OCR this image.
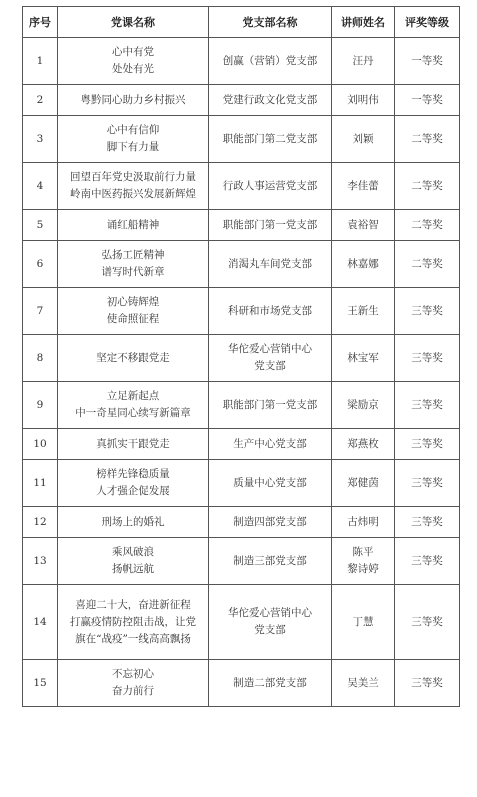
序号	党课名称	党支部名称	讲师姓名	评奖等级
1	心中有党
处处有光	创赢（营销）党支部	汪丹	一等奖
2	粤黔同心助力乡村振兴	党建行政文化党支部	刘明伟	一等奖
3	心中有信仰
脚下有力量	职能部门第二党支部	刘颖	二等奖
4	回望百年党史汲取前行力量
岭南中医药振兴发展新辉煌	行政人事运营党支部	李佳蕾	二等奖
5	诵红船精神	职能部门第一党支部	袁裕智	二等奖
6	弘扬工匠精神
谱写时代新章	消渴丸车间党支部	林嘉娜	二等奖
7	初心铸辉煌
使命照征程	科研和市场党支部	王新生	三等奖
8	坚定不移跟党走	华佗爱心营销中心
党支部	林宝军	三等奖
9	立足新起点
中一奇星同心续写新篇章	职能部门第一党支部	梁励京	三等奖
10	真抓实干跟党走	生产中心党支部	郑燕枚	三等奖
11	榜样先锋稳质量
人才强企促发展	质量中心党支部	郑健茵	三等奖
12	刑场上的婚礼	制造四部党支部	古炜明	三等奖
13	乘风破浪
扬帆远航	制造三部党支部	陈平
黎诗婷	三等奖
14	喜迎二十大，奋进新征程
打赢疫情防控阻击战，让党
旗在“战疫”一线高高飘扬	华佗爱心营销中心
党支部	丁慧	三等奖
15	不忘初心
奋力前行	制造二部党支部	吴美兰	三等奖
